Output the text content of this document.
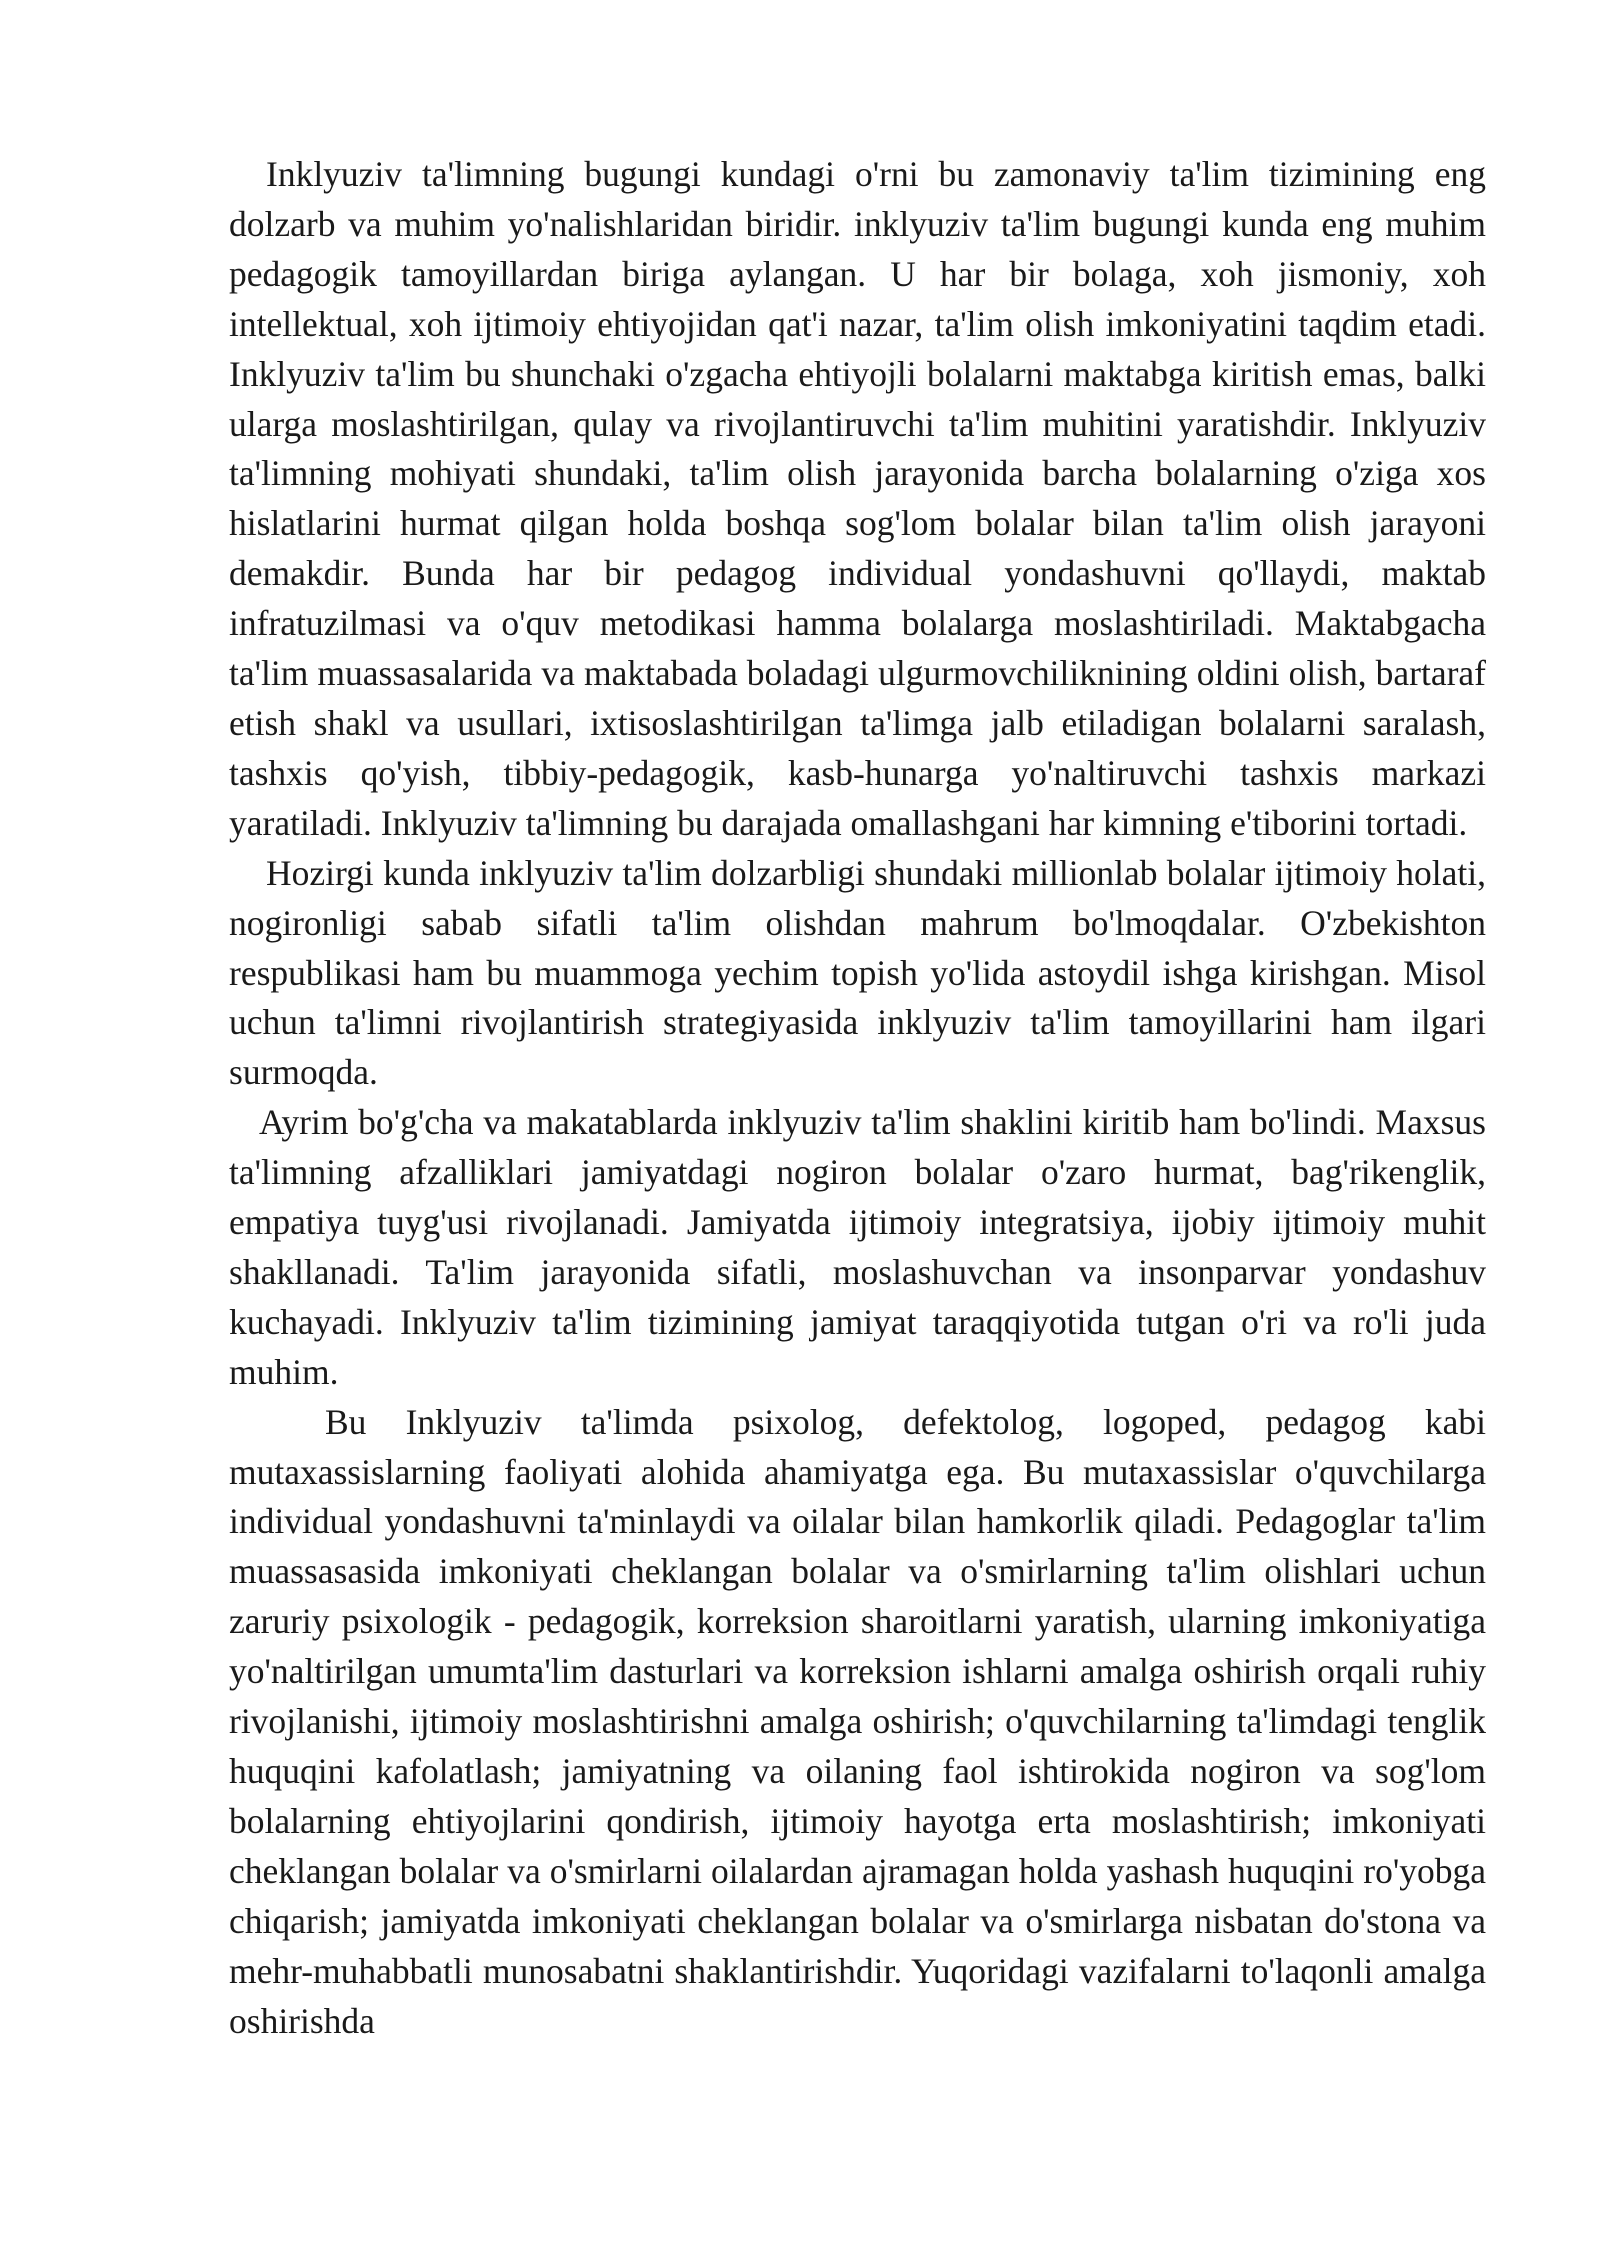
Inklyuziv ta'limning bugungi kundagi o'rni bu zamonaviy ta'lim tizimining eng dolzarb va muhim yo'nalishlaridan biridir. inklyuziv ta'lim bugungi kunda eng muhim pedagogik tamoyillardan biriga aylangan. U har bir bolaga, xoh jismoniy, xoh intellektual, xoh ijtimoiy ehtiyojidan qat'i nazar, ta'lim olish imkoniyatini taqdim etadi. Inklyuziv ta'lim bu shunchaki o'zgacha ehtiyojli bolalarni maktabga kiritish emas, balki ularga moslashtirilgan, qulay va rivojlantiruvchi ta'lim muhitini yaratishdir. Inklyuziv ta'limning mohiyati shundaki, ta'lim olish jarayonida barcha bolalarning o'ziga xos hislatlarini hurmat qilgan holda boshqa sog'lom bolalar bilan ta'lim olish jarayoni demakdir. Bunda har bir pedagog individual yondashuvni qo'llaydi, maktab infratuzilmasi va o'quv metodikasi hamma bolalarga moslashtiriladi. Maktabgacha ta'lim muassasalarida va maktabada boladagi ulgurmovchiliknining oldini olish, bartaraf etish shakl va usullari, ixtisoslashtirilgan ta'limga jalb etiladigan bolalarni saralash, tashxis qo'yish, tibbiy-pedagogik, kasb-hunarga yo'naltiruvchi tashxis markazi yaratiladi. Inklyuziv ta'limning bu darajada omallashgani har kimning e'tiborini tortadi.

Hozirgi kunda inklyuziv ta'lim dolzarbligi shundaki millionlab bolalar ijtimoiy holati, nogironligi sabab sifatli ta'lim olishdan mahrum bo'lmoqdalar. O'zbekishton respublikasi ham bu muammoga yechim topish yo'lida astoydil ishga kirishgan. Misol uchun ta'limni rivojlantirish strategiyasida inklyuziv ta'lim tamoyillarini ham ilgari surmoqda.

Ayrim bo'g'cha va makatablarda inklyuziv ta'lim shaklini kiritib ham bo'lindi. Maxsus ta'limning afzalliklari jamiyatdagi nogiron bolalar o'zaro hurmat, bag'rikenglik, empatiya tuyg'usi rivojlanadi. Jamiyatda ijtimoiy integratsiya, ijobiy ijtimoiy muhit shakllanadi. Ta'lim jarayonida sifatli, moslashuvchan va insonparvar yondashuv kuchayadi. Inklyuziv ta'lim tizimining jamiyat taraqqiyotida tutgan o'ri va ro'li juda muhim.

Bu Inklyuziv ta'limda psixolog, defektolog, logoped, pedagog kabi mutaxassislarning faoliyati alohida ahamiyatga ega. Bu mutaxassislar o'quvchilarga individual yondashuvni ta'minlaydi va oilalar bilan hamkorlik qiladi. Pedagoglar ta'lim muassasasida imkoniyati cheklangan bolalar va o'smirlarning ta'lim olishlari uchun zaruriy psixologik - pedagogik, korreksion sharoitlarni yaratish, ularning imkoniyatiga yo'naltirilgan umumta'lim dasturlari va korreksion ishlarni amalga oshirish orqali ruhiy rivojlanishi, ijtimoiy moslashtirishni amalga oshirish; o'quvchilarning ta'limdagi tenglik huquqini kafolatlash; jamiyatning va oilaning faol ishtirokida nogiron va sog'lom bolalarning ehtiyojlarini qondirish, ijtimoiy hayotga erta moslashtirish; imkoniyati cheklangan bolalar va o'smirlarni oilalardan ajramagan holda yashash huquqini ro'yobga chiqarish; jamiyatda imkoniyati cheklangan bolalar va o'smirlarga nisbatan do'stona va mehr-muhabbatli munosabatni shaklantirishdir. Yuqoridagi vazifalarni to'laqonli amalga oshirishda
